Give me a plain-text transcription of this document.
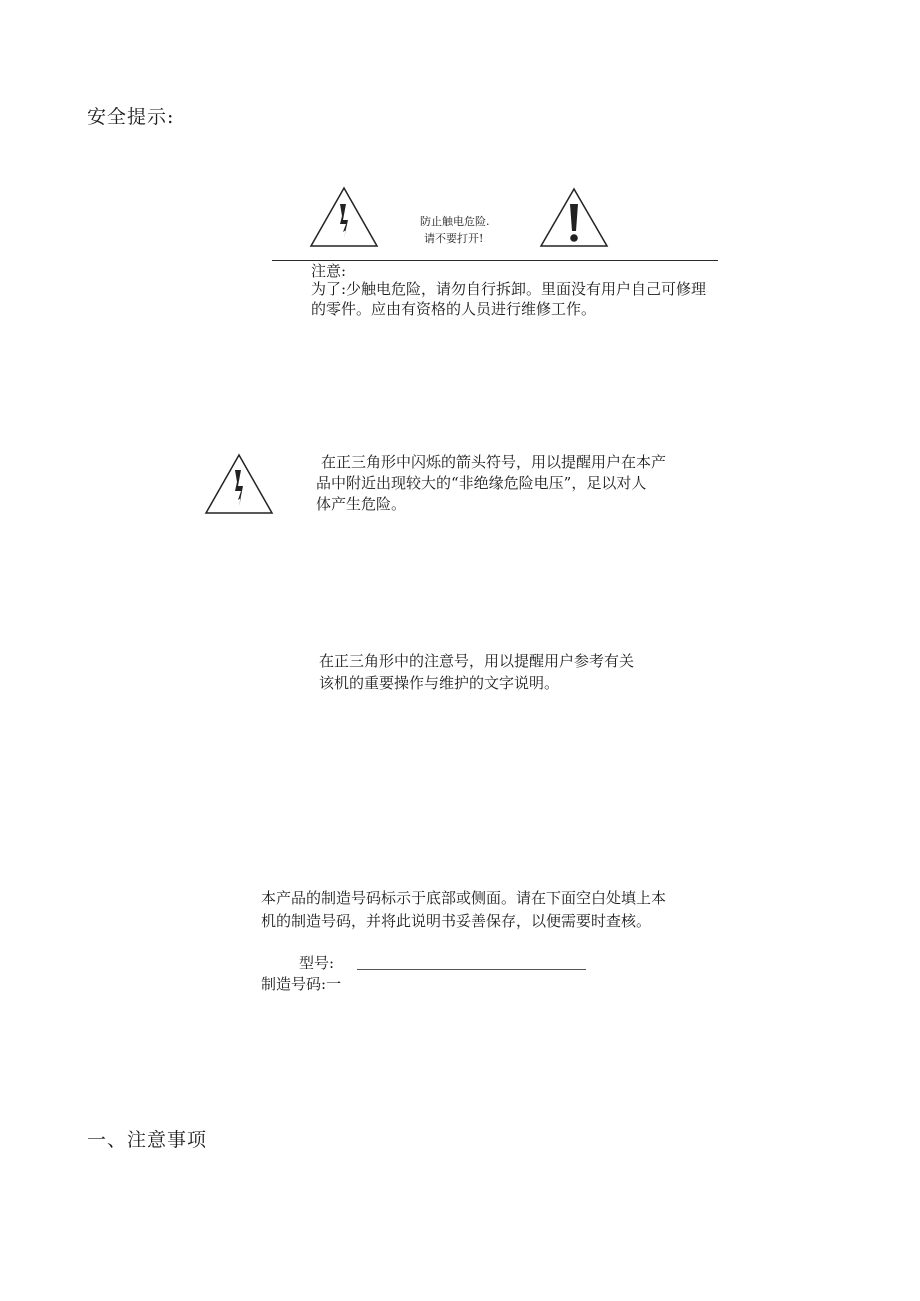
安全提示:
防止触电危险.
请不要打开!
注意:
为了:少触电危险，请勿自行拆卸。里面没有用户自己可修理
的零件。应由有资格的人员进行维修工作。
在正三角形中闪烁的箭头符号，用以提醒用户在本产
品中附近出现较大的“非绝缘危险电压”，足以对人
体产生危险。
在正三角形中的注意号，用以提醒用户参考有关
该机的重要操作与维护的文字说明。
本产品的制造号码标示于底部或侧面。请在下面空白处填上本
机的制造号码，并将此说明书妥善保存，以便需要时查核。
型号:
制造号码:一
一、注意事项
